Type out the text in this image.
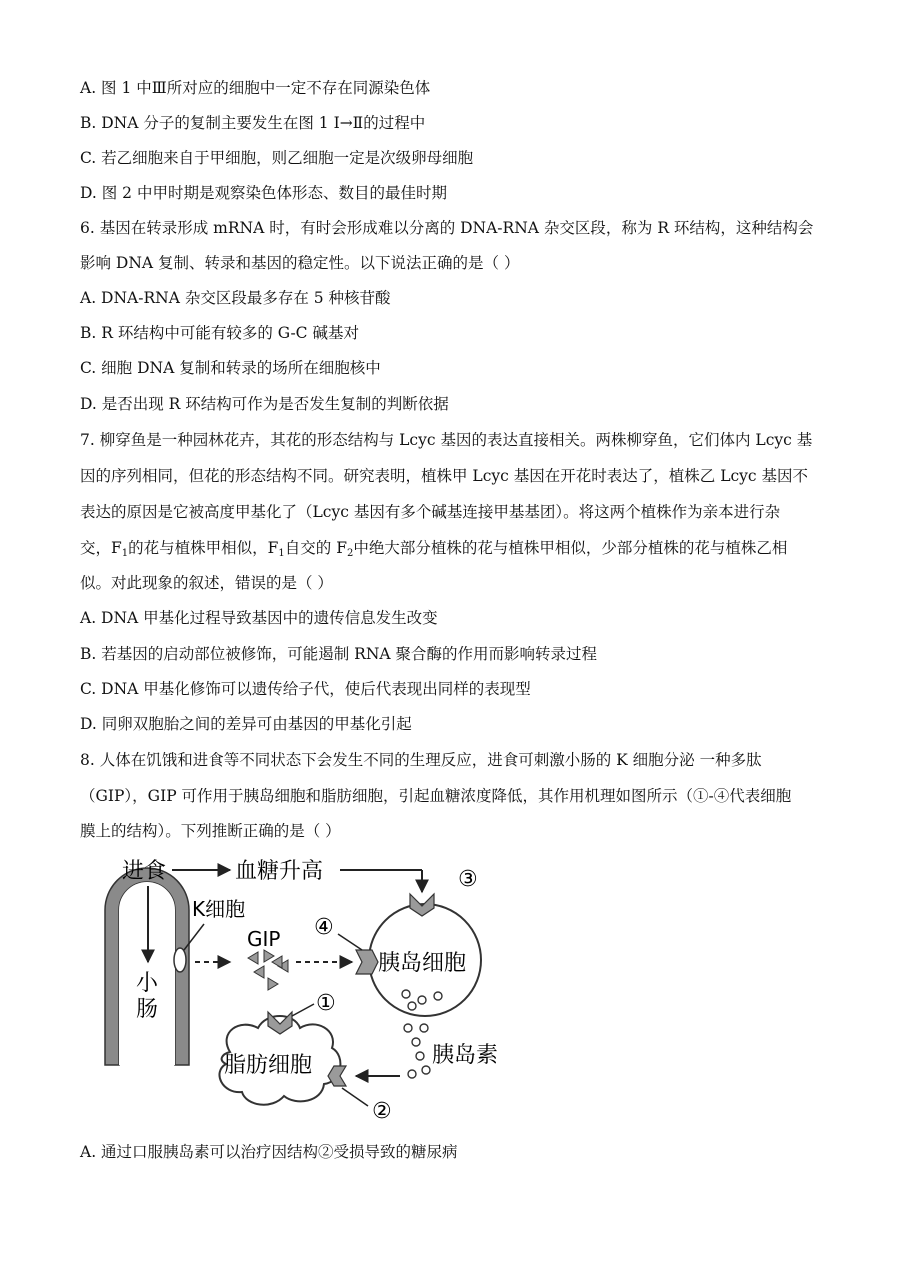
A. 图 1 中Ⅲ所对应的细胞中一定不存在同源染色体
B. DNA 分子的复制主要发生在图 1 Ⅰ→Ⅱ的过程中
C. 若乙细胞来自于甲细胞，则乙细胞一定是次级卵母细胞
D. 图 2 中甲时期是观察染色体形态、数目的最佳时期
6. 基因在转录形成 mRNA 时，有时会形成难以分离的 DNA-RNA 杂交区段，称为 R 环结构，这种结构会
影响 DNA 复制、转录和基因的稳定性。以下说法正确的是（ ）
A. DNA-RNA 杂交区段最多存在 5 种核苷酸
B. R 环结构中可能有较多的 G-C 碱基对
C. 细胞 DNA 复制和转录的场所在细胞核中
D. 是否出现 R 环结构可作为是否发生复制的判断依据
7. 柳穿鱼是一种园林花卉，其花的形态结构与 Lcyc 基因的表达直接相关。两株柳穿鱼，它们体内 Lcyc 基
因的序列相同，但花的形态结构不同。研究表明，植株甲 Lcyc 基因在开花时表达了，植株乙 Lcyc 基因不
表达的原因是它被高度甲基化了（Lcyc 基因有多个碱基连接甲基基团）。将这两个植株作为亲本进行杂
交，$F_1$的花与植株甲相似，$F_1$自交的 $F_2$中绝大部分植株的花与植株甲相似，少部分植株的花与植株乙相
似。对此现象的叙述，错误的是（ ）
A. DNA 甲基化过程导致基因中的遗传信息发生改变
B. 若基因的启动部位被修饰，可能遏制 RNA 聚合酶的作用而影响转录过程
C. DNA 甲基化修饰可以遗传给子代，使后代表现出同样的表现型
D. 同卵双胞胎之间的差异可由基因的甲基化引起
8. 人体在饥饿和进食等不同状态下会发生不同的生理反应，进食可刺激小肠的 K 细胞分泌 一种多肽
（GIP），GIP 可作用于胰岛细胞和脂肪细胞，引起血糖浓度降低，其作用机理如图所示（①-④代表细胞
膜上的结构）。下列推断正确的是（ ）
进食	血糖升高
小
肠
K细胞
GIP
胰岛细胞
④
③
胰岛素
脂肪细胞
①
②
A. 通过口服胰岛素可以治疗因结构②受损导致的糖尿病
